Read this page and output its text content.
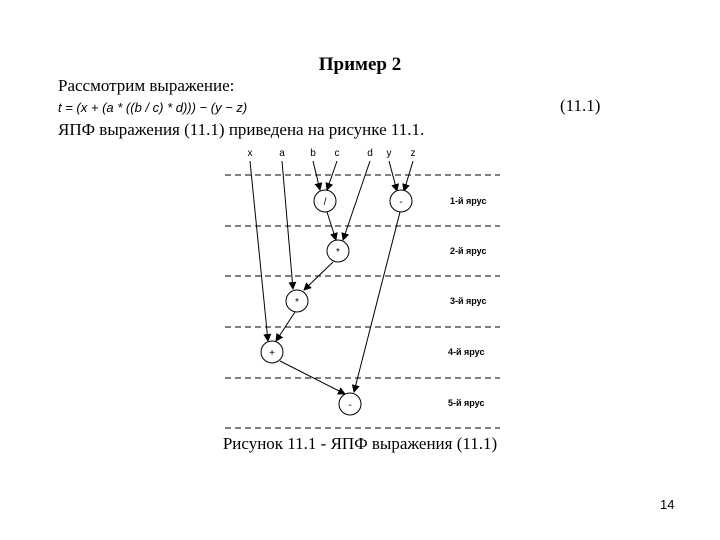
Пример 2
Рассмотрим выражение:
t = (x + (a * ((b / c) * d))) − (y − z)	(11.1)
ЯПФ выражения (11.1) приведена на рисунке 11.1.
x	a	b c	d y z
/	-
*
*
+
-
1-й ярус
2-й ярус
3-й ярус
4-й ярус
5-й ярус
Рисунок 11.1 - ЯПФ выражения (11.1)
14
